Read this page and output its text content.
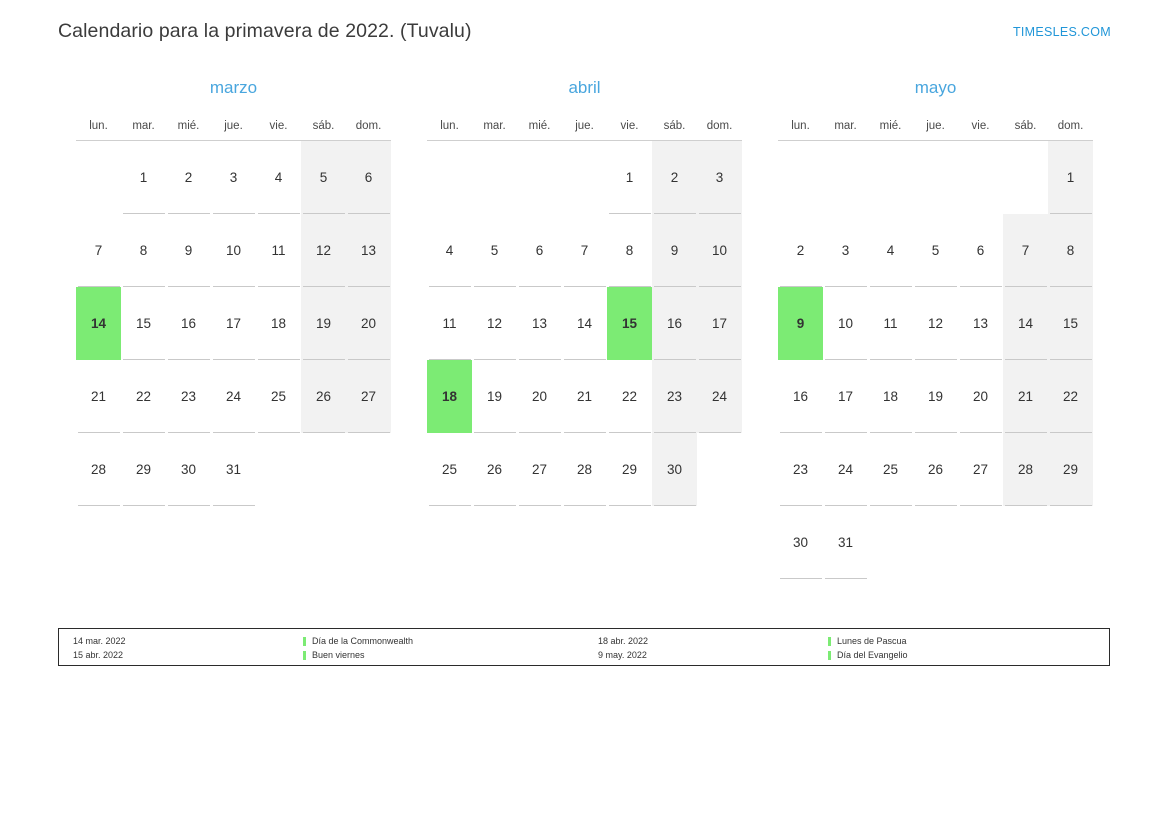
Calendario para la primavera de 2022. (Tuvalu)	TIMESLES.COM
marzo
lun.	mar.	mié.	jue.	vie.	sáb.	dom.

	1	2	3	4	5	6

7	8	9	10	11	12	13

14	15	16	17	18	19	20

21	22	23	24	25	26	27

28	29	30	31			

abril
lun.	mar.	mié.	jue.	vie.	sáb.	dom.

				1	2	3

4	5	6	7	8	9	10

11	12	13	14	15	16	17

18	19	20	21	22	23	24

25	26	27	28	29	30	

mayo
lun.	mar.	mié.	jue.	vie.	sáb.	dom.

						1

2	3	4	5	6	7	8

9	10	11	12	13	14	15

16	17	18	19	20	21	22

23	24	25	26	27	28	29

30	31					

14 mar. 2022	Día de la Commonwealth
15 abr. 2022	Buen viernes
18 abr. 2022	Lunes de Pascua
9 may. 2022	Día del Evangelio
